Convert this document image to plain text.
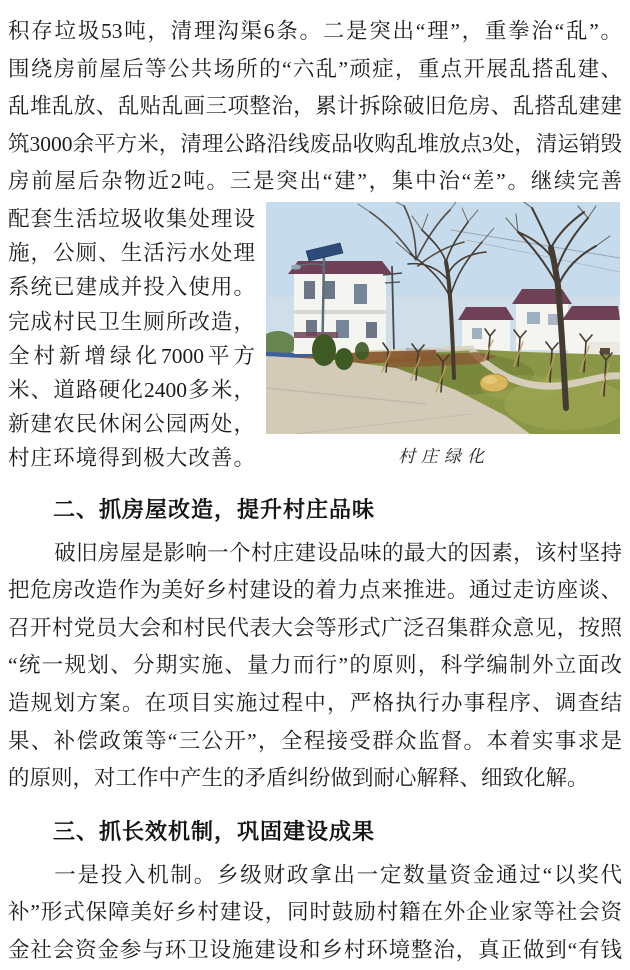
积存垃圾53吨，清理沟渠6条。二是突出“理”，重拳治“乱”。
围绕房前屋后等公共场所的“六乱”顽症，重点开展乱搭乱建、
乱堆乱放、乱贴乱画三项整治，累计拆除破旧危房、乱搭乱建建
筑3000余平方米，清理公路沿线废品收购乱堆放点3处，清运销毁
房前屋后杂物近2吨。三是突出“建”，集中治“差”。继续完善
配套生活垃圾收集处理设
施，公厕、生活污水处理
系统已建成并投入使用。
完成村民卫生厕所改造，
全村新增绿化7000平方
米、道路硬化2400多米，
新建农民休闲公园两处，
村庄环境得到极大改善。	村庄绿化
二、抓房屋改造，提升村庄品味
破旧房屋是影响一个村庄建设品味的最大的因素，该村坚持
把危房改造作为美好乡村建设的着力点来推进。通过走访座谈、
召开村党员大会和村民代表大会等形式广泛召集群众意见，按照
“统一规划、分期实施、量力而行”的原则，科学编制外立面改
造规划方案。在项目实施过程中，严格执行办事程序、调查结
果、补偿政策等“三公开”，全程接受群众监督。本着实事求是
的原则，对工作中产生的矛盾纠纷做到耐心解释、细致化解。
三、抓长效机制，巩固建设成果
一是投入机制。乡级财政拿出一定数量资金通过“以奖代
补”形式保障美好乡村建设，同时鼓励村籍在外企业家等社会资
金社会资金参与环卫设施建设和乡村环境整治，真正做到“有钱
